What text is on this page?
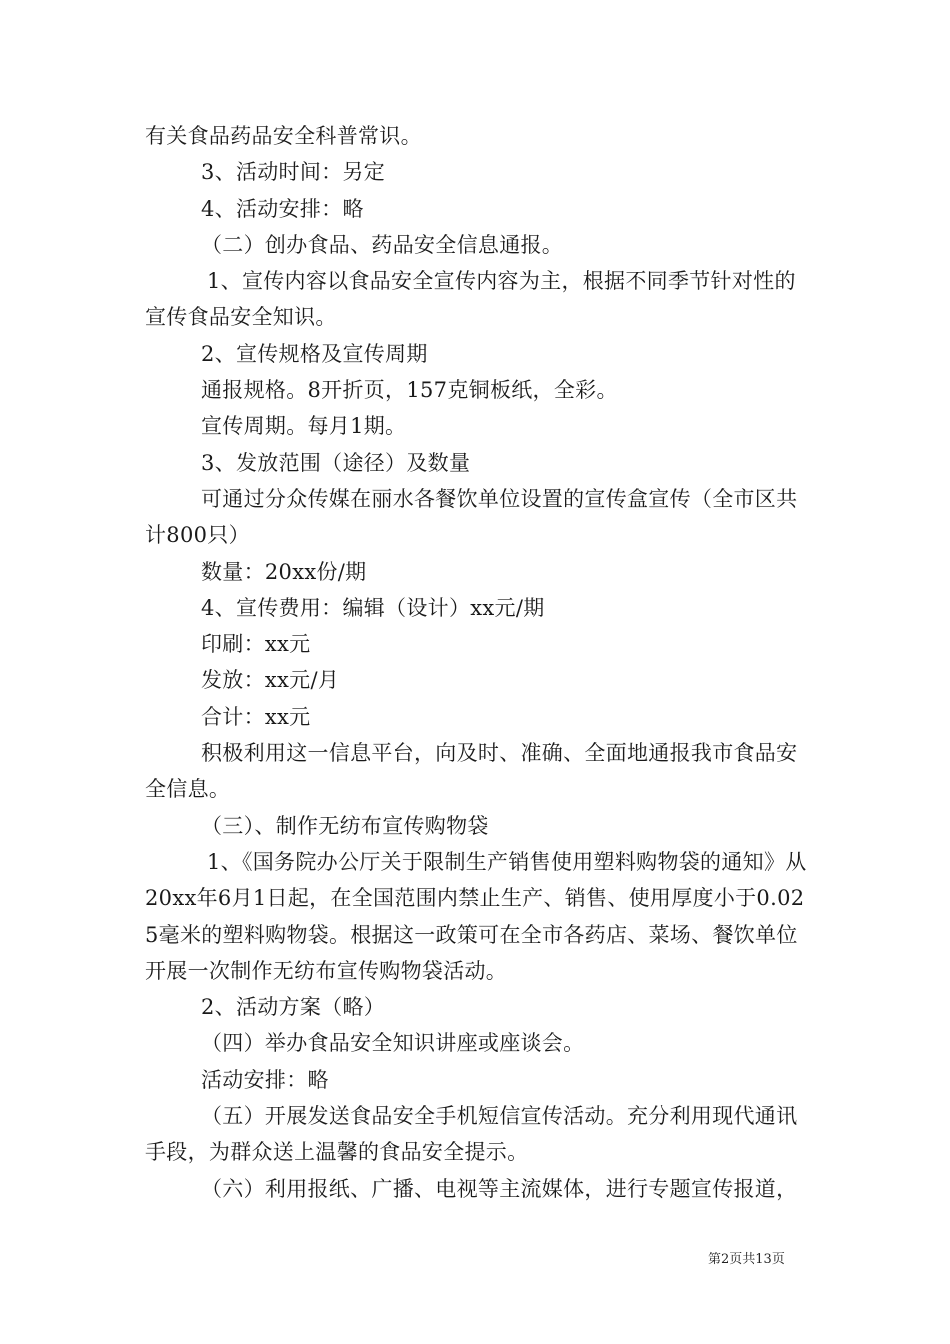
有关食品药品安全科普常识。

3、活动时间：另定

4、活动安排：略

（二）创办食品、药品安全信息通报。

1、宣传内容以食品安全宣传内容为主，根据不同季节针对性的宣传食品安全知识。

2、宣传规格及宣传周期

通报规格。8开折页，157克铜板纸，全彩。

宣传周期。每月1期。

3、发放范围（途径）及数量

可通过分众传媒在丽水各餐饮单位设置的宣传盒宣传（全市区共计800只）

数量：20xx份/期

4、宣传费用：编辑（设计）xx元/期

印刷：xx元

发放：xx元/月

合计：xx元

积极利用这一信息平台，向及时、准确、全面地通报我市食品安全信息。

（三）、制作无纺布宣传购物袋

1、《国务院办公厅关于限制生产销售使用塑料购物袋的通知》从20xx年6月1日起，在全国范围内禁止生产、销售、使用厚度小于0.025毫米的塑料购物袋。根据这一政策可在全市各药店、菜场、餐饮单位开展一次制作无纺布宣传购物袋活动。

2、活动方案（略）

（四）举办食品安全知识讲座或座谈会。

活动安排：略

（五）开展发送食品安全手机短信宣传活动。充分利用现代通讯手段，为群众送上温馨的食品安全提示。

（六）利用报纸、广播、电视等主流媒体，进行专题宣传报道，

第2页共13页
